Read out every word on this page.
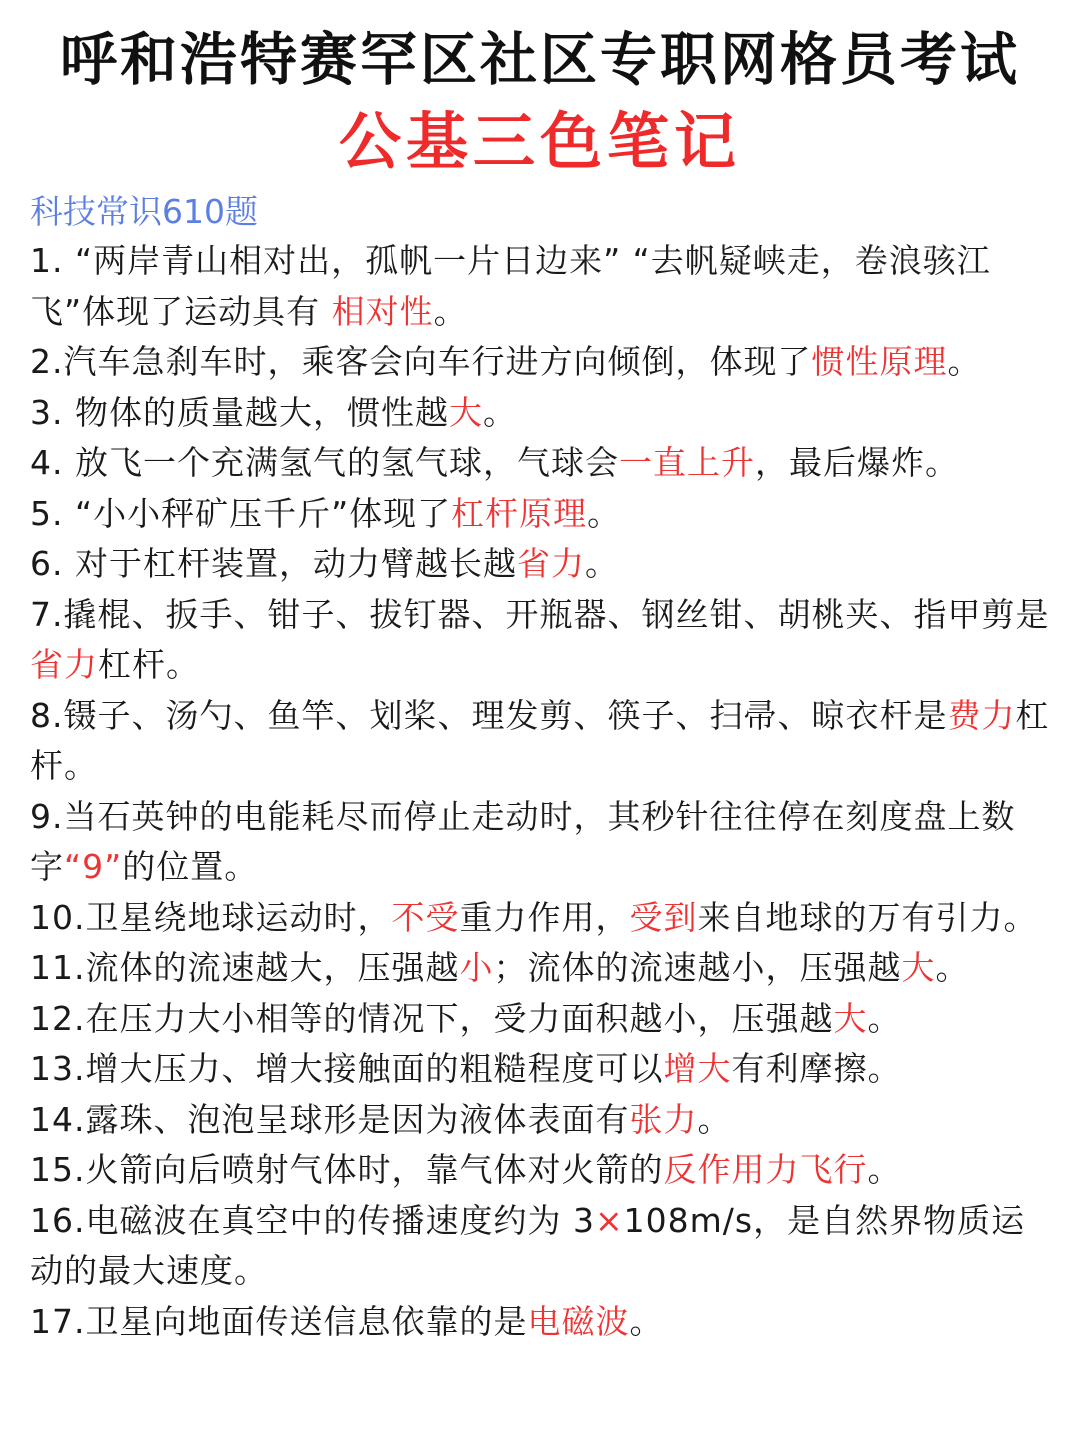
呼和浩特赛罕区社区专职网格员考试
公基三色笔记
科技常识610题

1. “两岸青山相对出，孤帆一片日边来” “去帆疑峡走，卷浪骇江飞”体现了运动具有 相对性。

2.汽车急刹车时，乘客会向车行进方向倾倒，体现了惯性原理。

3. 物体的质量越大，惯性越大。

4. 放飞一个充满氢气的氢气球，气球会一直上升，最后爆炸。

5. “小小秤矿压千斤”体现了杠杆原理。

6. 对于杠杆装置，动力臂越长越省力。

7.撬棍、扳手、钳子、拔钉器、开瓶器、钢丝钳、胡桃夹、指甲剪是省力杠杆。

8.镊子、汤勺、鱼竿、划桨、理发剪、筷子、扫帚、晾衣杆是费力杠杆。

9.当石英钟的电能耗尽而停止走动时，其秒针往往停在刻度盘上数字“9”的位置。

10.卫星绕地球运动时，不受重力作用，受到来自地球的万有引力。

11.流体的流速越大，压强越小；流体的流速越小，压强越大。

12.在压力大小相等的情况下，受力面积越小，压强越大。

13.增大压力、增大接触面的粗糙程度可以增大有利摩擦。

14.露珠、泡泡呈球形是因为液体表面有张力。

15.火箭向后喷射气体时，靠气体对火箭的反作用力飞行。

16.电磁波在真空中的传播速度约为 3×108m/s，是自然界物质运动的最大速度。

17.卫星向地面传送信息依靠的是电磁波。
